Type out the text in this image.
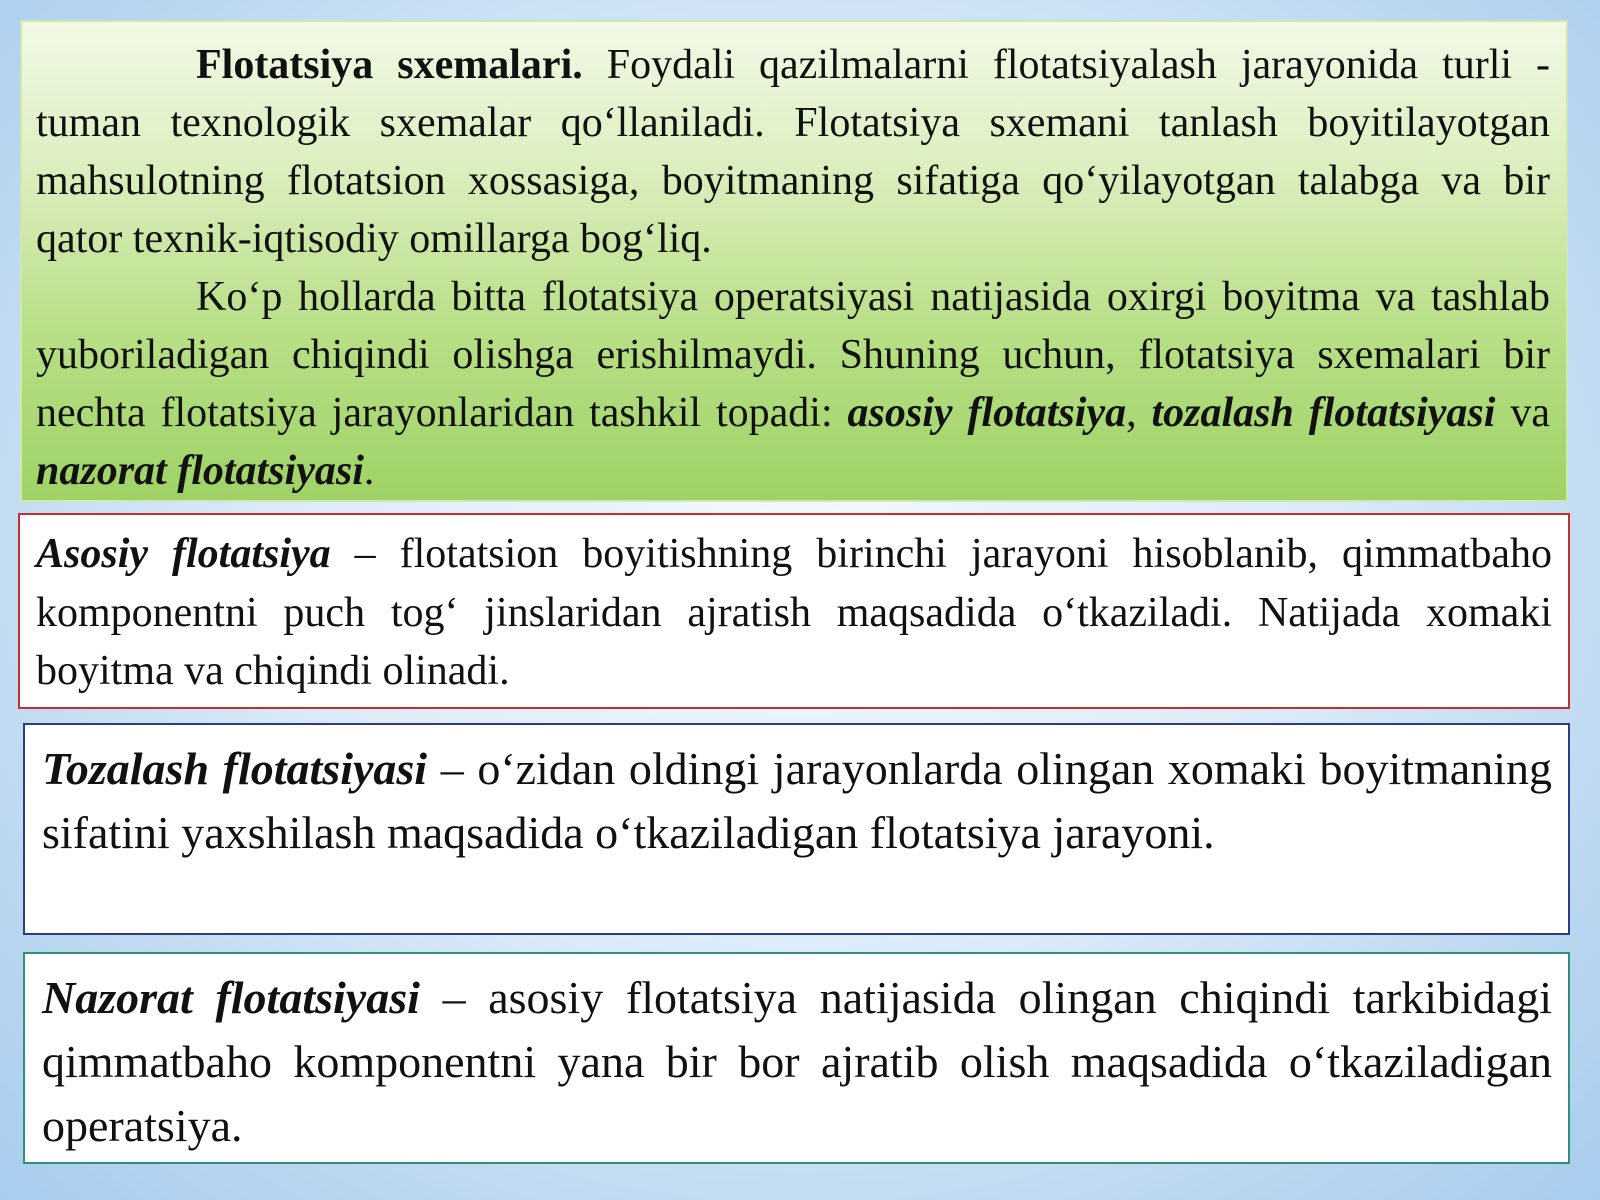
Flotatsiya sxemalari. Foydali qazilmalarni flotatsiyalash jarayonida turli - tuman texnologik sxemalar qo‘llaniladi. Flotatsiya sxemani tanlash boyitilayotgan mahsulotning flotatsion xossasiga, boyitmaning sifatiga qo‘yilayotgan talabga va bir qator texnik-iqtisodiy omillarga bog‘liq.

Ko‘p hollarda bitta flotatsiya operatsiyasi natijasida oxirgi boyitma va tashlab yuboriladigan chiqindi olishga erishilmaydi. Shuning uchun, flotatsiya sxemalari bir nechta flotatsiya jarayonlaridan tashkil topadi: asosiy flotatsiya, tozalash flotatsiyasi va nazorat flotatsiyasi.

Asosiy flotatsiya – flotatsion boyitishning birinchi jarayoni hisoblanib, qimmatbaho komponentni puch tog‘ jinslaridan ajratish maqsadida o‘tkaziladi. Natijada xomaki boyitma va chiqindi olinadi.

Tozalash flotatsiyasi – o‘zidan oldingi jarayonlarda olingan xomaki boyitmaning sifatini yaxshilash maqsadida o‘tkaziladigan flotatsiya jarayoni.

Nazorat flotatsiyasi – asosiy flotatsiya natijasida olingan chiqindi tarkibidagi qimmatbaho komponentni yana bir bor ajratib olish maqsadida o‘tkaziladigan operatsiya.
